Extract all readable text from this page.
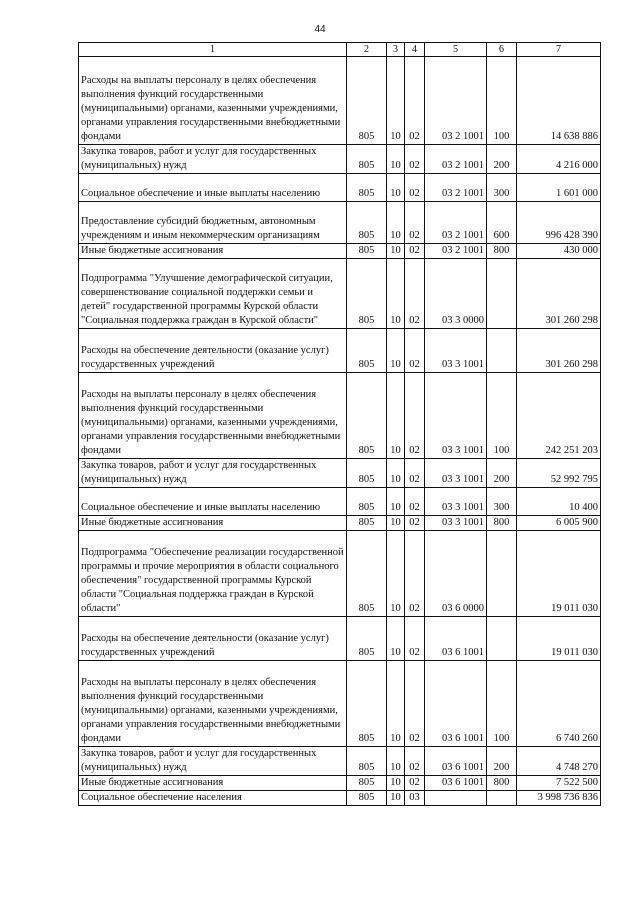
44
1	2	3	4	5	6	7
Расходы на выплаты персоналу в целях обеспечения выполнения функций государственными (муниципальными) органами, казенными учреждениями, органами управления государственными внебюджетными фондами	805	10	02	03 2 1001	100	14 638 886
Закупка товаров, работ и услуг для государственных (муниципальных) нужд	805	10	02	03 2 1001	200	4 216 000
Социальное обеспечение и иные выплаты населению	805	10	02	03 2 1001	300	1 601 000
Предоставление субсидий бюджетным, автономным учреждениям и иным некоммерческим организациям	805	10	02	03 2 1001	600	996 428 390
Иные бюджетные ассигнования	805	10	02	03 2 1001	800	430 000
Подпрограмма "Улучшение демографической ситуации, совершенствование социальной поддержки семьи и детей" государственной программы Курской области "Социальная поддержка граждан в Курской области"	805	10	02	03 3 0000		301 260 298
Расходы на обеспечение деятельности (оказание услуг) государственных учреждений	805	10	02	03 3 1001		301 260 298
Расходы на выплаты персоналу в целях обеспечения выполнения функций государственными (муниципальными) органами, казенными учреждениями, органами управления государственными внебюджетными фондами	805	10	02	03 3 1001	100	242 251 203
Закупка товаров, работ и услуг для государственных (муниципальных) нужд	805	10	02	03 3 1001	200	52 992 795
Социальное обеспечение и иные выплаты населению	805	10	02	03 3 1001	300	10 400
Иные бюджетные ассигнования	805	10	02	03 3 1001	800	6 005 900
Подпрограмма "Обеспечение реализации государственной программы и прочие мероприятия в области социального обеспечения" государственной программы Курской области "Социальная поддержка граждан в Курской области"	805	10	02	03 6 0000		19 011 030
Расходы на обеспечение деятельности (оказание услуг) государственных учреждений	805	10	02	03 6 1001		19 011 030
Расходы на выплаты персоналу в целях обеспечения выполнения функций государственными (муниципальными) органами, казенными учреждениями, органами управления государственными внебюджетными фондами	805	10	02	03 6 1001	100	6 740 260
Закупка товаров, работ и услуг для государственных (муниципальных) нужд	805	10	02	03 6 1001	200	4 748 270
Иные бюджетные ассигнования	805	10	02	03 6 1001	800	7 522 500
Социальное обеспечение населения	805	10	03			3 998 736 836
